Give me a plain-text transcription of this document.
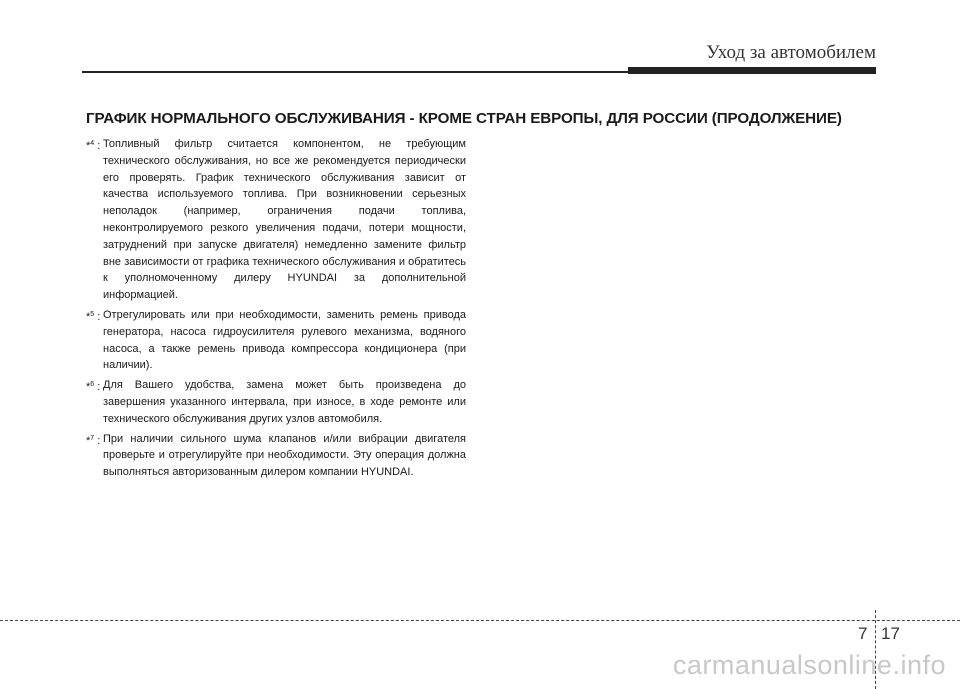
Уход за автомобилем
ГРАФИК НОРМАЛЬНОГО ОБСЛУЖИВАНИЯ - КРОМЕ СТРАН ЕВРОПЫ, ДЛЯ РОССИИ (ПРОДОЛЖЕНИЕ)

*$^4$ : Топливный фильтр считается компонентом, не требующим технического обслуживания, но все же рекомендуется периодически его проверять. График технического обслуживания зависит от качества используемого топлива. При возникновении серьезных неполадок (например, ограничения подачи топлива, неконтролируемого резкого увеличения подачи, потери мощности, затруднений при запуске двигателя) немедленно замените фильтр вне зависимости от графика технического обслуживания и обратитесь к уполномоченному дилеру HYUNDAI за дополнительной информацией.

*$^5$ : Отрегулировать или при необходимости, заменить ремень привода генератора, насоса гидроусилителя рулевого механизма, водяного насоса, а также ремень привода компрессора кондиционера (при наличии).

*$^6$ : Для Вашего удобства, замена может быть произведена до завершения указанного интервала, при износе, в ходе ремонте или технического обслуживания других узлов автомобиля.

*$^7$ : При наличии сильного шума клапанов и/или вибрации двигателя проверьте и отрегулируйте при необходимости. Эту операция должна выполняться авторизованным дилером компании HYUNDAI.

7 17
carmanualsonline.info
